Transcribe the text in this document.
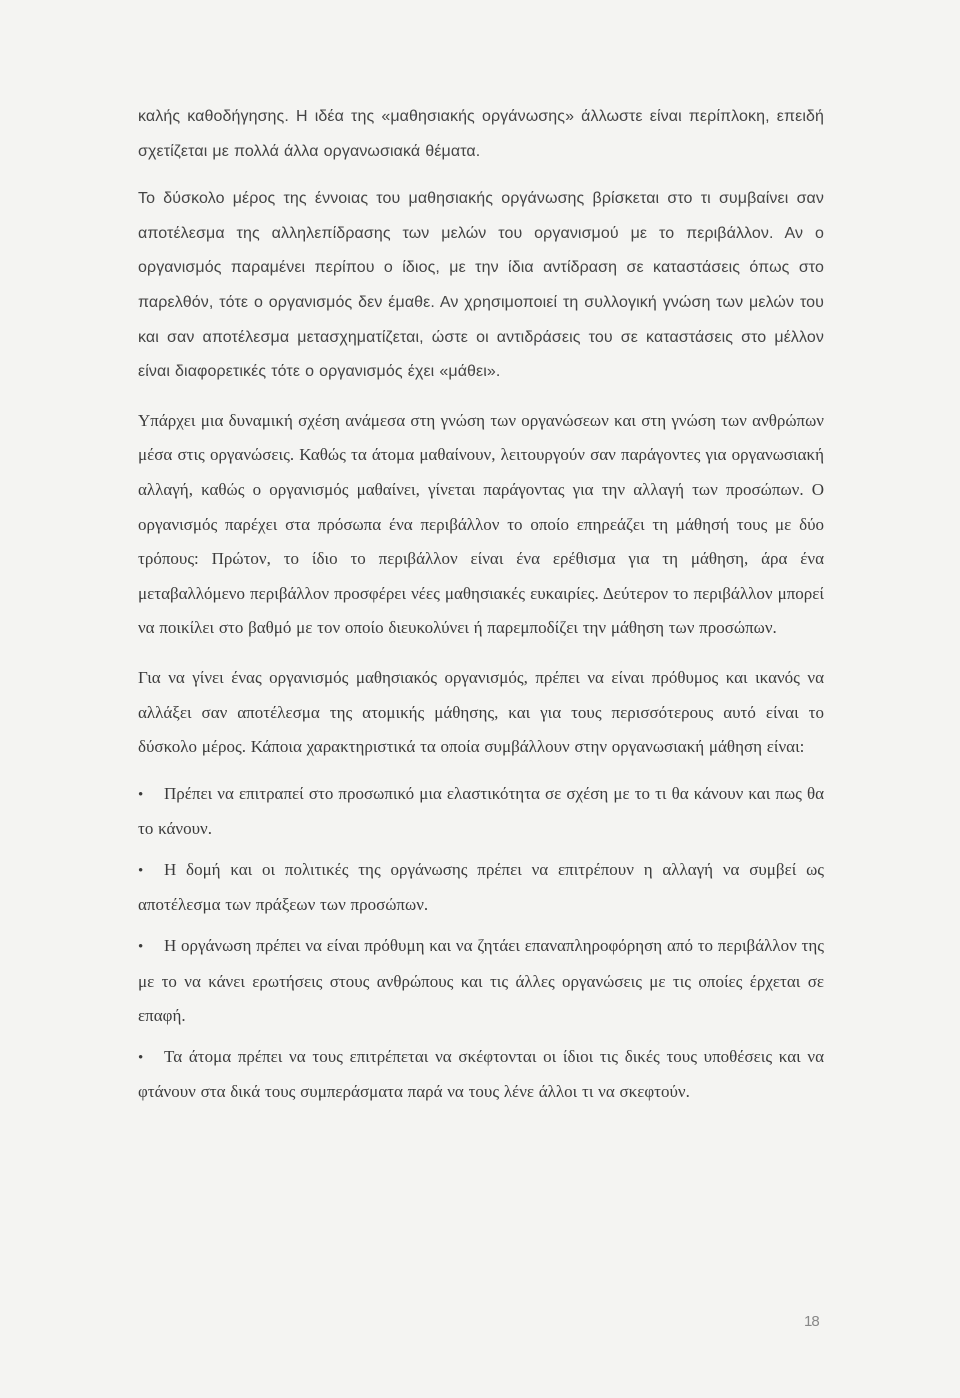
καλής καθοδήγησης. Η ιδέα της «μαθησιακής οργάνωσης» άλλωστε είναι περίπλοκη, επειδή σχετίζεται με πολλά άλλα οργανωσιακά θέματα.

Το δύσκολο μέρος της έννοιας του μαθησιακής οργάνωσης βρίσκεται στο τι συμβαίνει σαν αποτέλεσμα της αλληλεπίδρασης των μελών του οργανισμού με το περιβάλλον. Αν ο οργανισμός παραμένει περίπου ο ίδιος, με την ίδια αντίδραση σε καταστάσεις όπως στο παρελθόν, τότε ο οργανισμός δεν έμαθε. Αν χρησιμοποιεί τη συλλογική γνώση των μελών του και σαν αποτέλεσμα μετασχηματίζεται, ώστε οι αντιδράσεις του σε καταστάσεις στο μέλλον είναι διαφορετικές τότε ο οργανισμός έχει «μάθει».

Υπάρχει μια δυναμική σχέση ανάμεσα στη γνώση των οργανώσεων και στη γνώση των ανθρώπων μέσα στις οργανώσεις. Καθώς τα άτομα μαθαίνουν, λειτουργούν σαν παράγοντες για οργανωσιακή αλλαγή, καθώς ο οργανισμός μαθαίνει, γίνεται παράγοντας για την αλλαγή των προσώπων. Ο οργανισμός παρέχει στα πρόσωπα ένα περιβάλλον το οποίο επηρεάζει τη μάθησή τους με δύο τρόπους: Πρώτον, το ίδιο το περιβάλλον είναι ένα ερέθισμα για τη μάθηση, άρα ένα μεταβαλλόμενο περιβάλλον προσφέρει νέες μαθησιακές ευκαιρίες. Δεύτερον το περιβάλλον μπορεί να ποικίλει στο βαθμό με τον οποίο διευκολύνει ή παρεμποδίζει την μάθηση των προσώπων.

Για να γίνει ένας οργανισμός μαθησιακός οργανισμός, πρέπει να είναι πρόθυμος και ικανός να αλλάξει σαν αποτέλεσμα της ατομικής μάθησης, και για τους περισσότερους αυτό είναι το δύσκολο μέρος. Κάποια χαρακτηριστικά τα οποία συμβάλλουν στην οργανωσιακή μάθηση είναι:

• Πρέπει να επιτραπεί στο προσωπικό μια ελαστικότητα σε σχέση με το τι θα κάνουν και πως θα το κάνουν.
• Η δομή και οι πολιτικές της οργάνωσης πρέπει να επιτρέπουν η αλλαγή να συμβεί ως αποτέλεσμα των πράξεων των προσώπων.
• Η οργάνωση πρέπει να είναι πρόθυμη και να ζητάει επαναπληροφόρηση από το περιβάλλον της με το να κάνει ερωτήσεις στους ανθρώπους και τις άλλες οργανώσεις με τις οποίες έρχεται σε επαφή.
• Τα άτομα πρέπει να τους επιτρέπεται να σκέφτονται οι ίδιοι τις δικές τους υποθέσεις και να φτάνουν στα δικά τους συμπεράσματα παρά να τους λένε άλλοι τι να σκεφτούν.
18
